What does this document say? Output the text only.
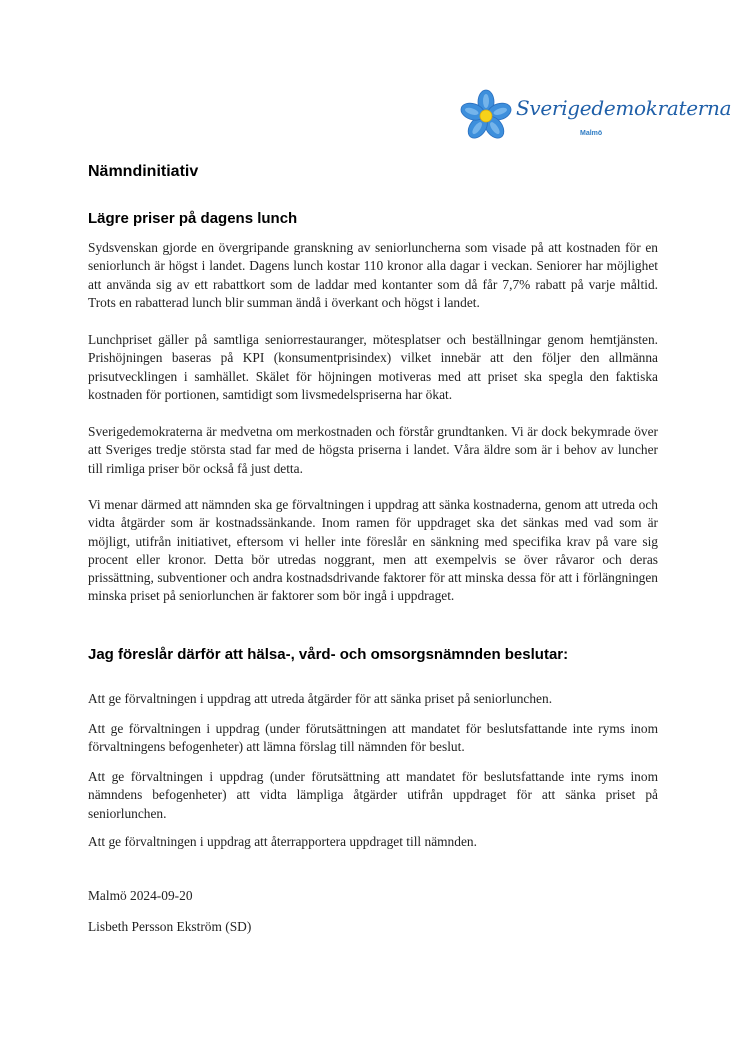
Sverigedemokraterna
Malmö
Nämndinitiativ
Lägre priser på dagens lunch

Sydsvenskan gjorde en övergripande granskning av seniorluncherna som visade på att kostnaden för en seniorlunch är högst i landet. Dagens lunch kostar 110 kronor alla dagar i veckan. Seniorer har möjlighet att använda sig av ett rabattkort som de laddar med kontanter som då får 7,7% rabatt på varje måltid. Trots en rabatterad lunch blir summan ändå i överkant och högst i landet.

Lunchpriset gäller på samtliga seniorrestauranger, mötesplatser och beställningar genom hemtjänsten. Prishöjningen baseras på KPI (konsumentprisindex) vilket innebär att den följer den allmänna prisutvecklingen i samhället. Skälet för höjningen motiveras med att priset ska spegla den faktiska kostnaden för portionen, samtidigt som livsmedelspriserna har ökat.

Sverigedemokraterna är medvetna om merkostnaden och förstår grundtanken. Vi är dock bekymrade över att Sveriges tredje största stad far med de högsta priserna i landet. Våra äldre som är i behov av luncher till rimliga priser bör också få just detta.

Vi menar därmed att nämnden ska ge förvaltningen i uppdrag att sänka kostnaderna, genom att utreda och vidta åtgärder som är kostnadssänkande. Inom ramen för uppdraget ska det sänkas med vad som är möjligt, utifrån initiativet, eftersom vi heller inte föreslår en sänkning med specifika krav på vare sig procent eller kronor. Detta bör utredas noggrant, men att exempelvis se över råvaror och deras prissättning, subventioner och andra kostnadsdrivande faktorer för att minska dessa för att i förlängningen minska priset på seniorlunchen är faktorer som bör ingå i uppdraget.

Jag föreslår därför att hälsa-, vård- och omsorgsnämnden beslutar:

Att ge förvaltningen i uppdrag att utreda åtgärder för att sänka priset på seniorlunchen.

Att ge förvaltningen i uppdrag (under förutsättningen att mandatet för beslutsfattande inte ryms inom förvaltningens befogenheter) att lämna förslag till nämnden för beslut.

Att ge förvaltningen i uppdrag (under förutsättning att mandatet för beslutsfattande inte ryms inom nämndens befogenheter) att vidta lämpliga åtgärder utifrån uppdraget för att sänka priset på seniorlunchen.

Att ge förvaltningen i uppdrag att återrapportera uppdraget till nämnden.

Malmö 2024-09-20

Lisbeth Persson Ekström (SD)
